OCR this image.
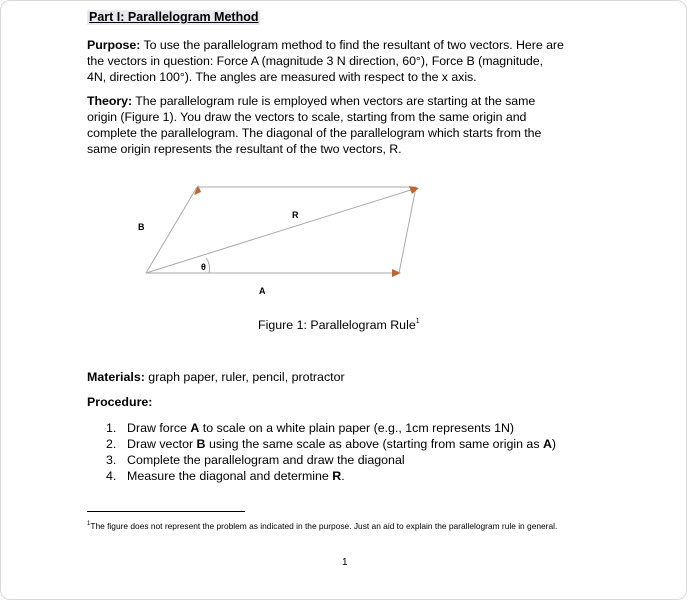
Part I: Parallelogram Method
Purpose: To use the parallelogram method to find the resultant of two vectors. Here are
the vectors in question: Force A (magnitude 3 N direction, 60°), Force B (magnitude,
4N, direction 100°). The angles are measured with respect to the x axis.
Theory: The parallelogram rule is employed when vectors are starting at the same
origin (Figure 1). You draw the vectors to scale, starting from the same origin and
complete the parallelogram. The diagonal of the parallelogram which starts from the
same origin represents the resultant of the two vectors, R.
B
R
θ
A
Figure 1: Parallelogram Rule$^1$
Materials: graph paper, ruler, pencil, protractor
Procedure:
1. Draw force A to scale on a white plain paper (e.g., 1cm represents 1N)
2. Draw vector B using the same scale as above (starting from same origin as A)
3. Complete the parallelogram and draw the diagonal
4. Measure the diagonal and determine R.
$^1$The figure does not represent the problem as indicated in the purpose. Just an aid to explain the parallelogram rule in general.
1
